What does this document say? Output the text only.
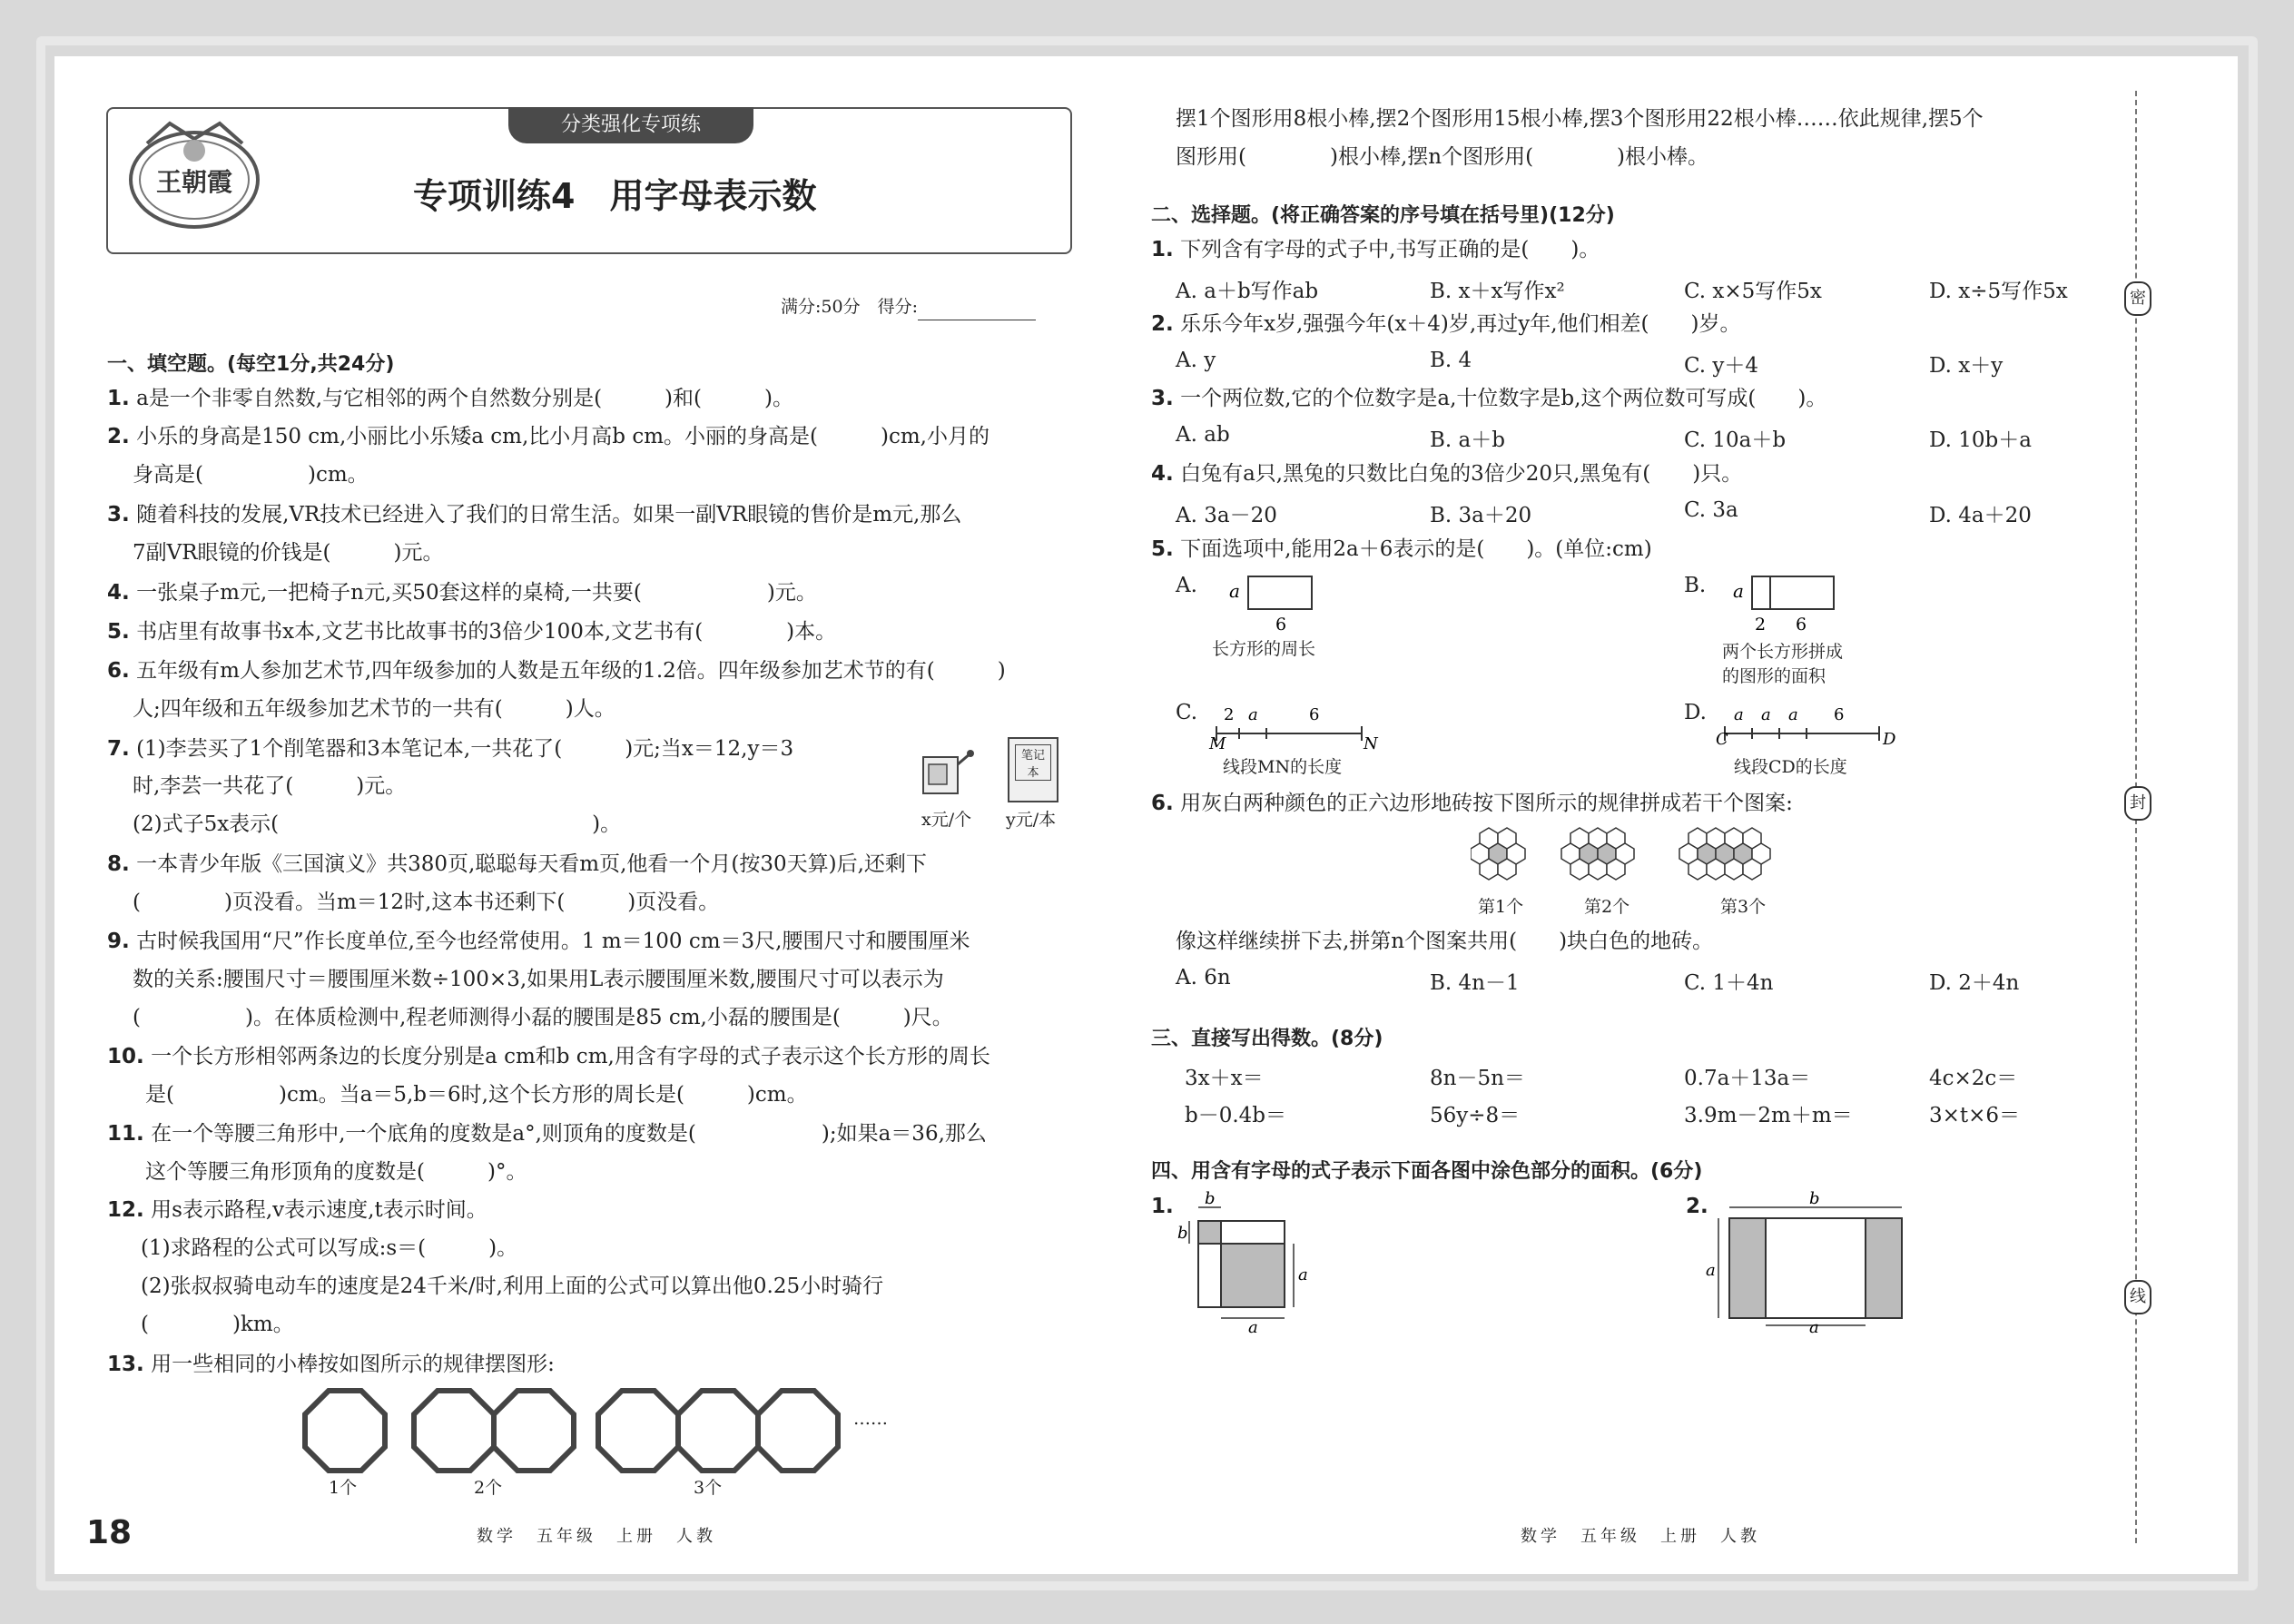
分类强化专项练
王朝霞	专项训练4　用字母表示数
满分:50分　得分:
一、填空题。(每空1分,共24分)
1. a是一个非零自然数,与它相邻的两个自然数分别是(　　　)和(　　　)。
2. 小乐的身高是150 cm,小丽比小乐矮a cm,比小月高b cm。小丽的身高是(　　　)cm,小月的
身高是(　　　　　)cm。
3. 随着科技的发展,VR技术已经进入了我们的日常生活。如果一副VR眼镜的售价是m元,那么
7副VR眼镜的价钱是(　　　)元。
4. 一张桌子m元,一把椅子n元,买50套这样的桌椅,一共要(　　　　　　)元。
5. 书店里有故事书x本,文艺书比故事书的3倍少100本,文艺书有(　　　　)本。
6. 五年级有m人参加艺术节,四年级参加的人数是五年级的1.2倍。四年级参加艺术节的有(　　　)
人;四年级和五年级参加艺术节的一共有(　　　)人。
7. (1)李芸买了1个削笔器和3本笔记本,一共花了(　　　)元;当x＝12,y＝3
时,李芸一共花了(　　　)元。
(2)式子5x表示(　　　　　　　　　　　　　　　)。	x元/个
笔记本
y元/本
8. 一本青少年版《三国演义》共380页,聪聪每天看m页,他看一个月(按30天算)后,还剩下
(　　　　)页没看。当m＝12时,这本书还剩下(　　　)页没看。
9. 古时候我国用“尺”作长度单位,至今也经常使用。1 m＝100 cm＝3尺,腰围尺寸和腰围厘米
数的关系:腰围尺寸＝腰围厘米数÷100×3,如果用L表示腰围厘米数,腰围尺寸可以表示为
(　　　　　)。在体质检测中,程老师测得小磊的腰围是85 cm,小磊的腰围是(　　　)尺。
10. 一个长方形相邻两条边的长度分别是a cm和b cm,用含有字母的式子表示这个长方形的周长
是(　　　　　)cm。当a＝5,b＝6时,这个长方形的周长是(　　　)cm。
11. 在一个等腰三角形中,一个底角的度数是a°,则顶角的度数是(　　　　　　);如果a＝36,那么
这个等腰三角形顶角的度数是(　　　)°。
12. 用s表示路程,v表示速度,t表示时间。
(1)求路程的公式可以写成:s＝(　　　)。
(2)张叔叔骑电动车的速度是24千米/时,利用上面的公式可以算出他0.25小时骑行
(　　　　)km。
13. 用一些相同的小棒按如图所示的规律摆图形:
1个	2个	3个
……
18	数学　五年级　上册　人教
摆1个图形用8根小棒,摆2个图形用15根小棒,摆3个图形用22根小棒……依此规律,摆5个
图形用(　　　　)根小棒,摆n个图形用(　　　　)根小棒。
二、选择题。(将正确答案的序号填在括号里)(12分)
1. 下列含有字母的式子中,书写正确的是(　　)。
A. a＋b写作ab	B. x＋x写作x²	C. x×5写作5x	D. x÷5写作5x
2. 乐乐今年x岁,强强今年(x＋4)岁,再过y年,他们相差(　　)岁。
A. y	B. 4	C. y＋4	D. x＋y
3. 一个两位数,它的个位数字是a,十位数字是b,这个两位数可写成(　　)。
A. ab	B. a＋b	C. 10a＋b	D. 10b＋a
4. 白兔有a只,黑兔的只数比白兔的3倍少20只,黑兔有(　　)只。
A. 3a－20	B. 3a＋20	C. 3a	D. 4a＋20
5. 下面选项中,能用2a＋6表示的是(　　)。(单位:cm)
A. a
6
长方形的周长
B. a
2 6
两个长方形拼成
的图形的面积
C.
M	N
2 a	6
线段MN的长度
D.
C	D
a a a 6
线段CD的长度
6. 用灰白两种颜色的正六边形地砖按下图所示的规律拼成若干个图案:
第1个	第2个	第3个
像这样继续拼下去,拼第n个图案共用(　　)块白色的地砖。
A. 6n	B. 4n－1	C. 1＋4n	D. 2＋4n
三、直接写出得数。(8分)
3x＋x＝	8n－5n＝	0.7a＋13a＝	4c×2c＝
b－0.4b＝	56y÷8＝	3.9m－2m＋m＝	3×t×6＝
四、用含有字母的式子表示下面各图中涂色部分的面积。(6分)
1. b
b
a
a
2.	b
a
a
数学　五年级　上册　人教
密
封
线
